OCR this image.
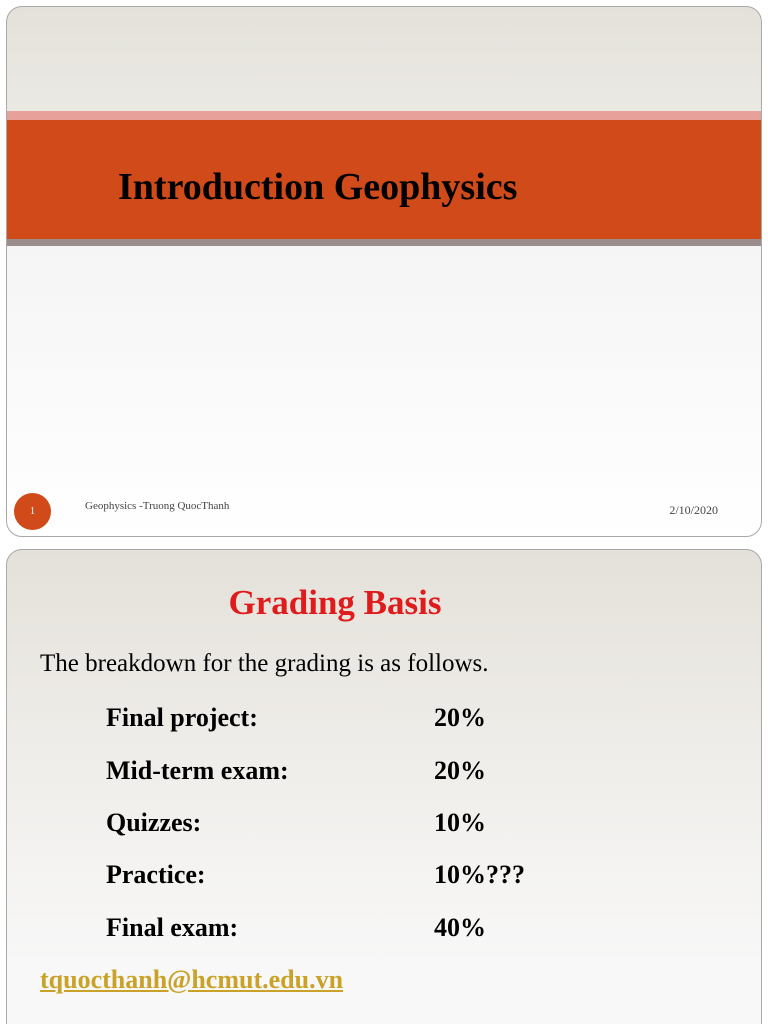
Introduction Geophysics
1	Geophysics -Truong QuocThanh	2/10/2020
Grading Basis
The breakdown for the grading is as follows.
Final project:	20%
Mid-term exam:	20%
Quizzes:	10%
Practice:	10%???
Final exam:	40%
tquocthanh@hcmut.edu.vn
